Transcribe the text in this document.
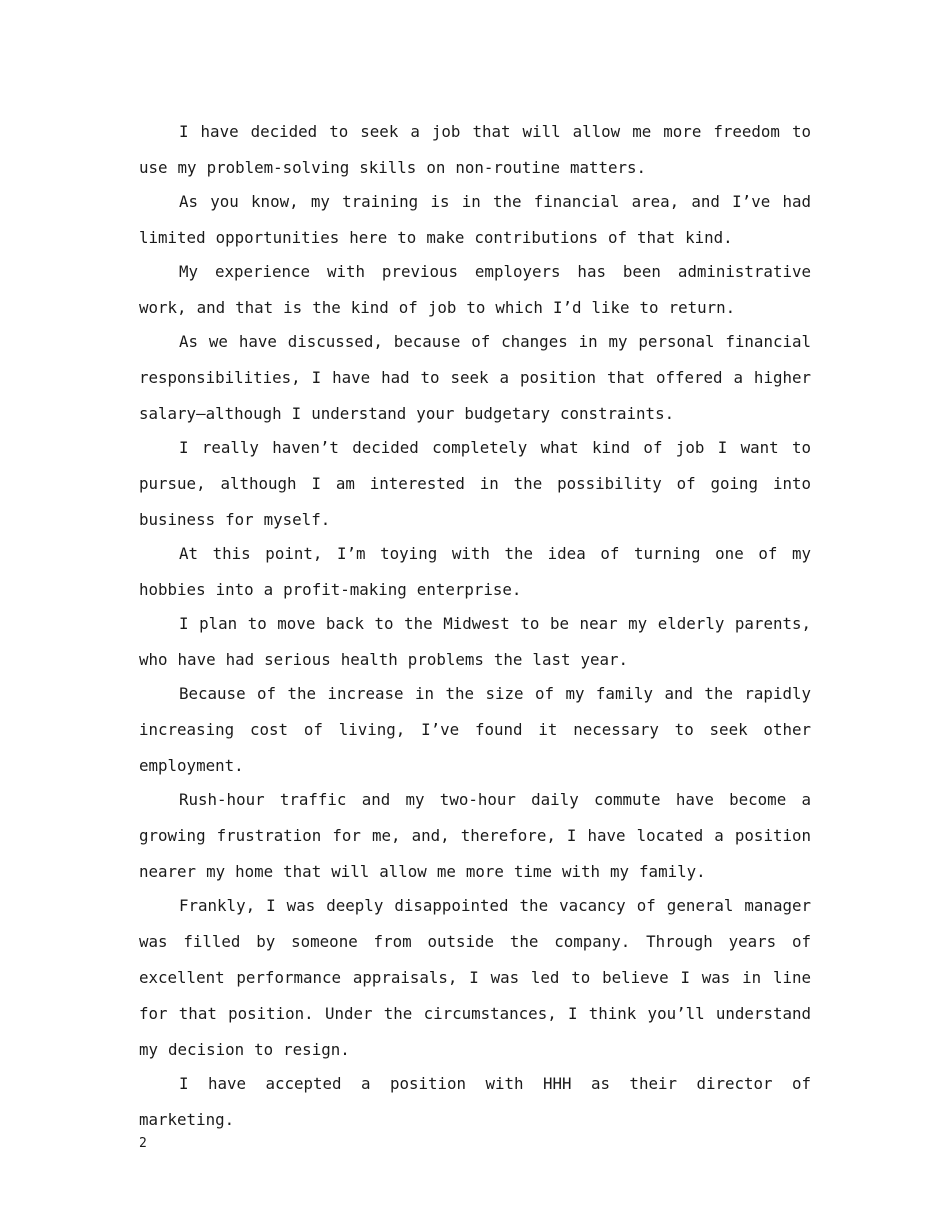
I have decided to seek a job that will allow me more freedom to use my problem-solving skills on non-routine matters.

As you know, my training is in the financial area, and I’ve had limited opportunities here to make contributions of that kind.

My experience with previous employers has been administrative work, and that is the kind of job to which I’d like to return.

As we have discussed, because of changes in my personal financial responsibilities, I have had to seek a position that offered a higher salary–although I understand your budgetary constraints.

I really haven’t decided completely what kind of job I want to pursue, although I am interested in the possibility of going into business for myself.

At this point, I’m toying with the idea of turning one of my hobbies into a profit-making enterprise.

I plan to move back to the Midwest to be near my elderly parents, who have had serious health problems the last year.

Because of the increase in the size of my family and the rapidly increasing cost of living, I’ve found it necessary to seek other employment.

Rush-hour traffic and my two-hour daily commute have become a growing frustration for me, and, therefore, I have located a position nearer my home that will allow me more time with my family.

Frankly, I was deeply disappointed the vacancy of general manager was filled by someone from outside the company. Through years of excellent performance appraisals, I was led to believe I was in line for that position. Under the circumstances, I think you’ll understand my decision to resign.

I have accepted a position with HHH as their director of marketing.

2
